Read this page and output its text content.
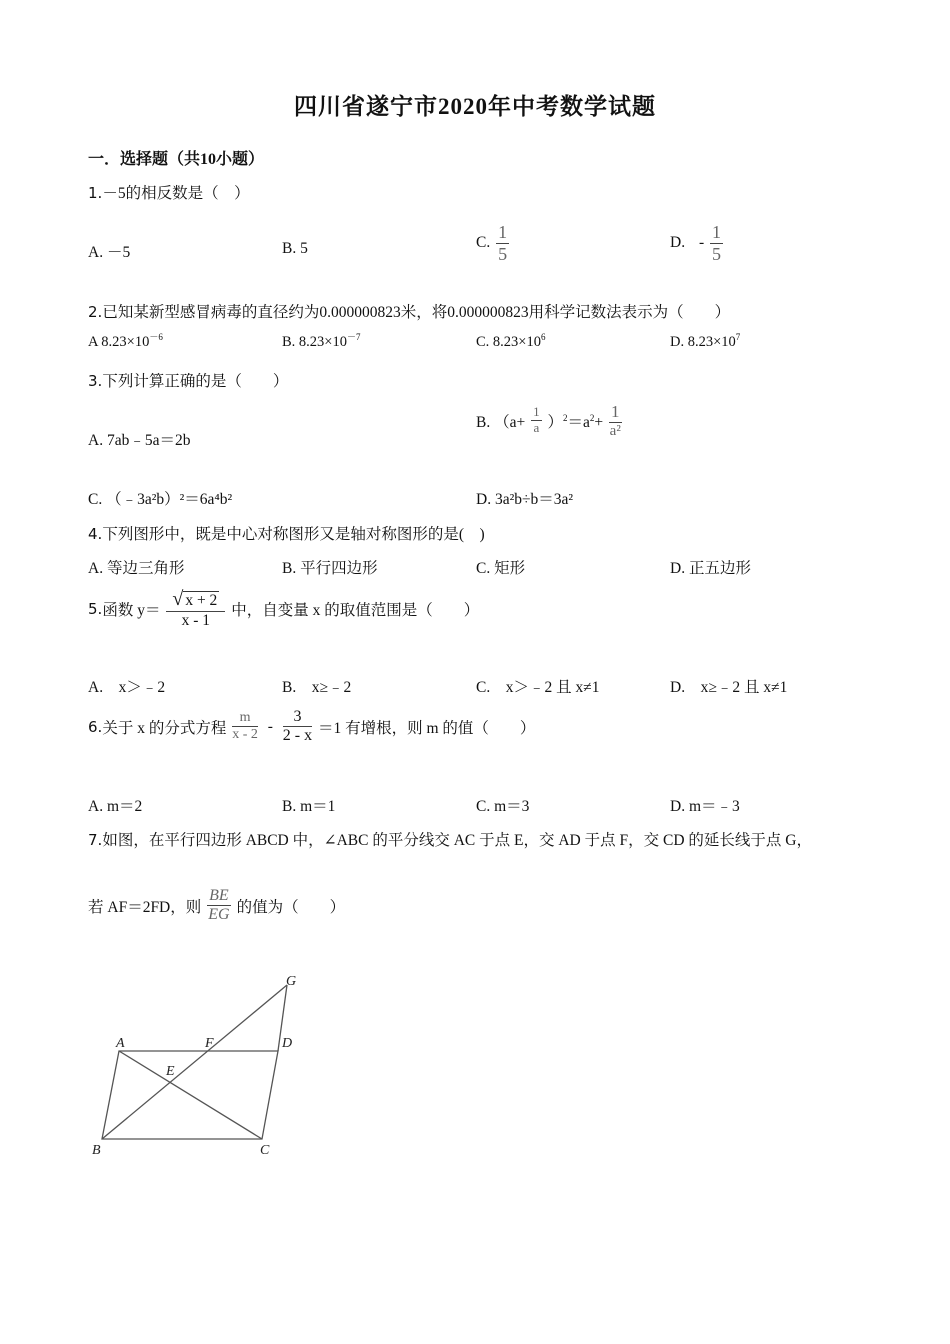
四川省遂宁市2020年中考数学试题
一．选择题（共10小题）
1.－5的相反数是（　）
A. －5	B. 5	C. $\frac{1}{5}$	D. - $\frac{1}{5}$
2.已知某新型感冒病毒的直径约为0.000000823米，将0.000000823用科学记数法表示为（　　）
A $8.23\times 10^{-6}$	B. $8.23\times 10^{-7}$	C. $8.23\times 10^6$	D. $8.23\times 10^7$
3.下列计算正确的是（　　）
A. 7ab﹣5a＝2b
B. $(a+ \frac{1}{a} )^2=a^2+ \frac{1}{\text{a²}}$
C. （﹣3a²b）²＝6a⁴b²	D. 3a²b÷b＝3a²
4.下列图形中，既是中心对称图形又是轴对称图形的是(　)
A. 等边三角形	B. 平行四边形	C. 矩形	D. 正五边形
5.函数 $y= \frac{√ x + 2}{x - 1}$ 中，自变量 x 的取值范围是（　　）
A.　x＞﹣2	B.　x≥﹣2	C.　x＞﹣2 且 x≠1	D.　x≥﹣2 且 x≠1
6.关于 x 的分式方程 $\frac{m}{x - 2} - \frac{3}{2 - x} =1$ 有增根，则 m 的值（　　）
A. m＝2	B. m＝1	C. m＝3	D. m＝﹣3
7.如图，在平行四边形 ABCD 中，∠ABC 的平分线交 AC 于点 E，交 AD 于点 F，交 CD 的延长线于点 G，
若 AF＝2FD，则 $\frac{BE}{EG}$ 的值为（　　）
A
B	C
D
E
F
G
